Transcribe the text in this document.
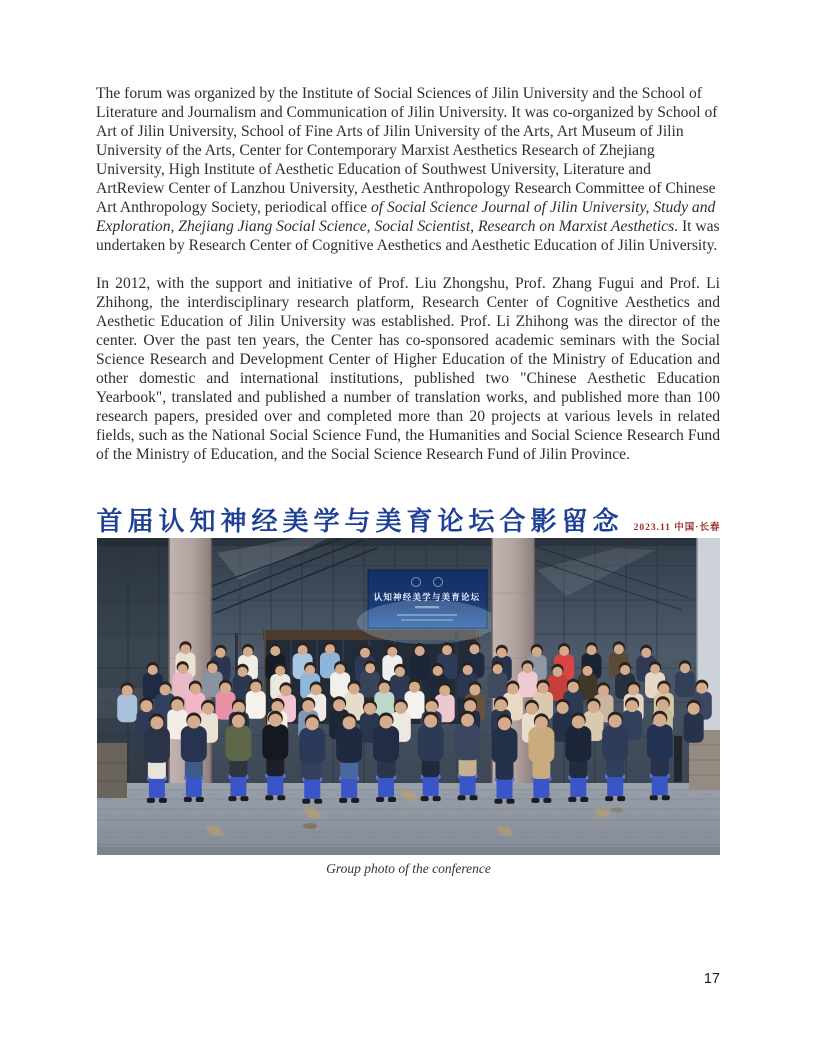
The forum was organized by the Institute of Social Sciences of Jilin University and the School of Literature and Journalism and Communication of Jilin University. It was co-organized by School of Art of Jilin University, School of Fine Arts of Jilin University of the Arts, Art Museum of Jilin University of the Arts, Center for Contemporary Marxist Aesthetics Research of Zhejiang University, High Institute of Aesthetic Education of Southwest University, Literature and ArtReview Center of Lanzhou University, Aesthetic Anthropology Research Committee of Chinese Art Anthropology Society, periodical office of Social Science Journal of Jilin University, Study and Exploration, Zhejiang Jiang Social Science, Social Scientist, Research on Marxist Aesthetics. It was undertaken by Research Center of Cognitive Aesthetics and Aesthetic Education of Jilin University.

In 2012, with the support and initiative of Prof. Liu Zhongshu, Prof. Zhang Fugui and Prof. Li Zhihong, the interdisciplinary research platform, Research Center of Cognitive Aesthetics and Aesthetic Education of Jilin University was established. Prof. Li Zhihong was the director of the center. Over the past ten years, the Center has co-sponsored academic seminars with the Social Science Research and Development Center of Higher Education of the Ministry of Education and other domestic and international institutions, published two "Chinese Aesthetic Education Yearbook", translated and published a number of translation works, and published more than 100 research papers, presided over and completed more than 20 projects at various levels in related fields, such as the National Social Science Fund, the Humanities and Social Science Research Fund of the Ministry of Education, and the Social Science Research Fund of Jilin Province.

首届认知神经美学与美育论坛合影留念 2023.11 中国·长春
认知神经美学与美育论坛
Group photo of the conference
17
